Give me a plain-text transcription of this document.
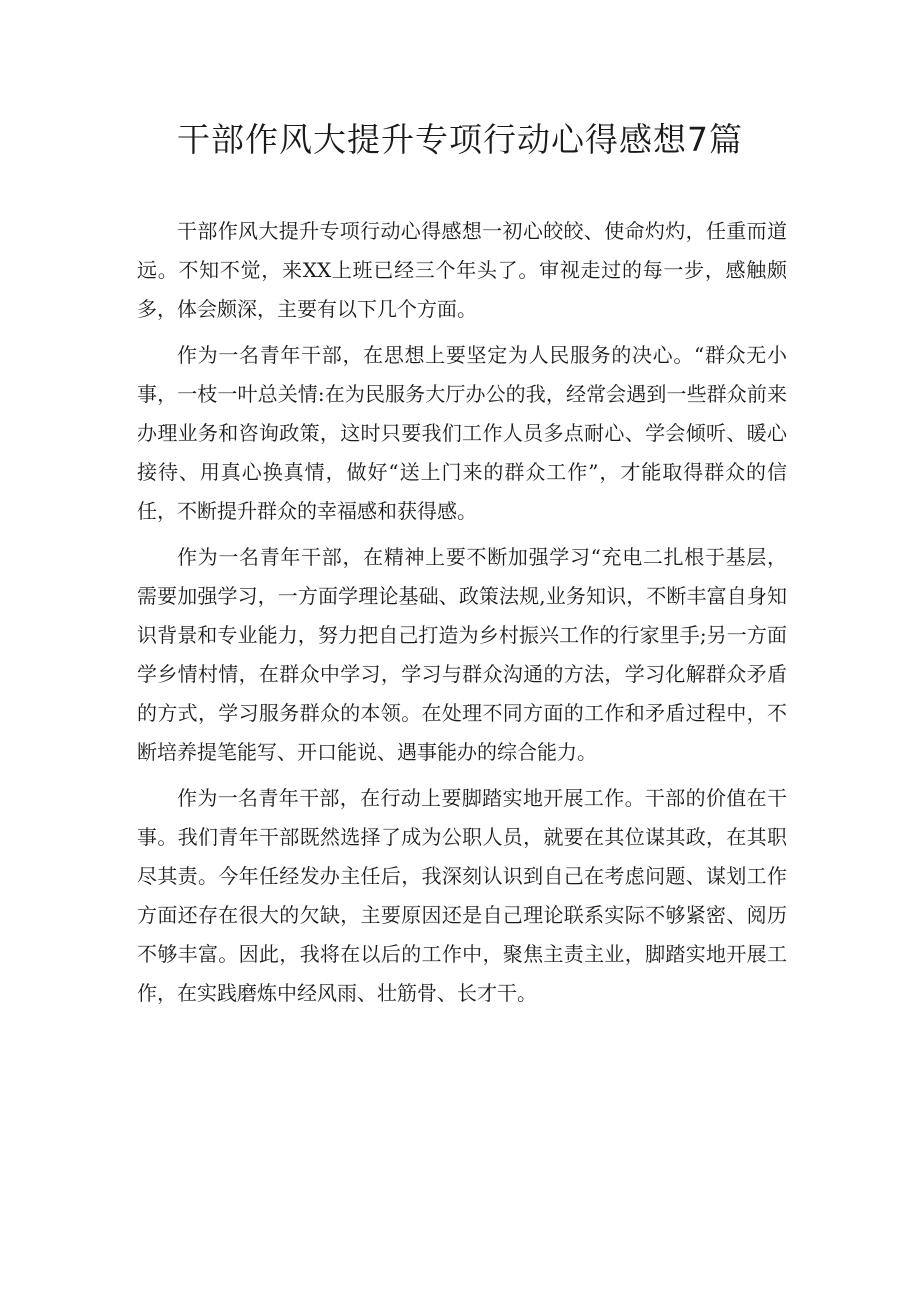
干部作风大提升专项行动心得感想7篇

干部作风大提升专项行动心得感想一初心皎皎、使命灼灼，任重而道远。不知不觉，来XX上班已经三个年头了。审视走过的每一步，感触颇多，体会颇深，主要有以下几个方面。

作为一名青年干部，在思想上要坚定为人民服务的决心。“群众无小事，一枝一叶总关情:在为民服务大厅办公的我，经常会遇到一些群众前来办理业务和咨询政策，这时只要我们工作人员多点耐心、学会倾听、暖心接待、用真心换真情，做好“送上门来的群众工作”，才能取得群众的信任，不断提升群众的幸福感和获得感。

作为一名青年干部，在精神上要不断加强学习“充电二扎根于基层，需要加强学习，一方面学理论基础、政策法规,业务知识，不断丰富自身知识背景和专业能力，努力把自己打造为乡村振兴工作的行家里手;另一方面学乡情村情，在群众中学习，学习与群众沟通的方法，学习化解群众矛盾的方式，学习服务群众的本领。在处理不同方面的工作和矛盾过程中，不断培养提笔能写、开口能说、遇事能办的综合能力。

作为一名青年干部，在行动上要脚踏实地开展工作。干部的价值在干事。我们青年干部既然选择了成为公职人员，就要在其位谋其政，在其职尽其责。今年任经发办主任后，我深刻认识到自己在考虑问题、谋划工作方面还存在很大的欠缺，主要原因还是自己理论联系实际不够紧密、阅历不够丰富。因此，我将在以后的工作中，聚焦主责主业，脚踏实地开展工作，在实践磨炼中经风雨、壮筋骨、长才干。
